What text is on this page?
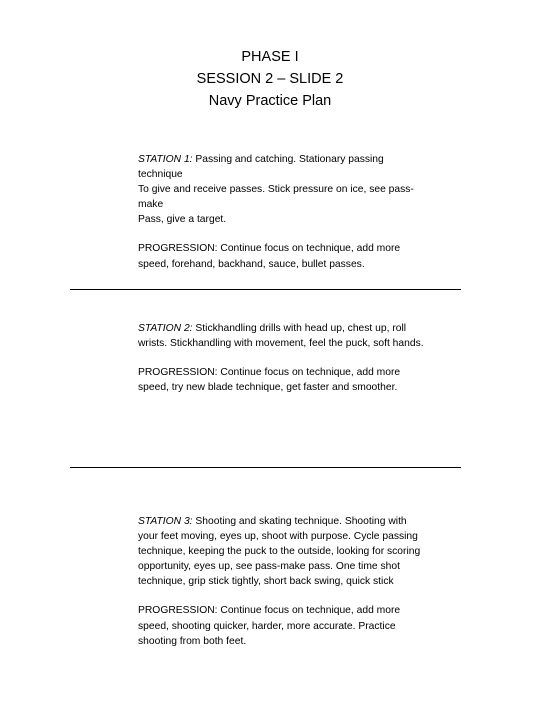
PHASE I
SESSION 2 – SLIDE 2
Navy Practice Plan

STATION 1: Passing and catching. Stationary passing technique

To give and receive passes. Stick pressure on ice, see pass-make

Pass, give a target.

PROGRESSION: Continue focus on technique, add more speed, forehand, backhand, sauce, bullet passes.

STATION 2: Stickhandling drills with head up, chest up, roll wrists. Stickhandling with movement, feel the puck, soft hands.

PROGRESSION: Continue focus on technique, add more speed, try new blade technique, get faster and smoother.

STATION 3: Shooting and skating technique. Shooting with your feet moving, eyes up, shoot with purpose. Cycle passing technique, keeping the puck to the outside, looking for scoring opportunity, eyes up, see pass-make pass. One time shot technique, grip stick tightly, short back swing, quick stick

PROGRESSION: Continue focus on technique, add more speed, shooting quicker, harder, more accurate. Practice shooting from both feet.
